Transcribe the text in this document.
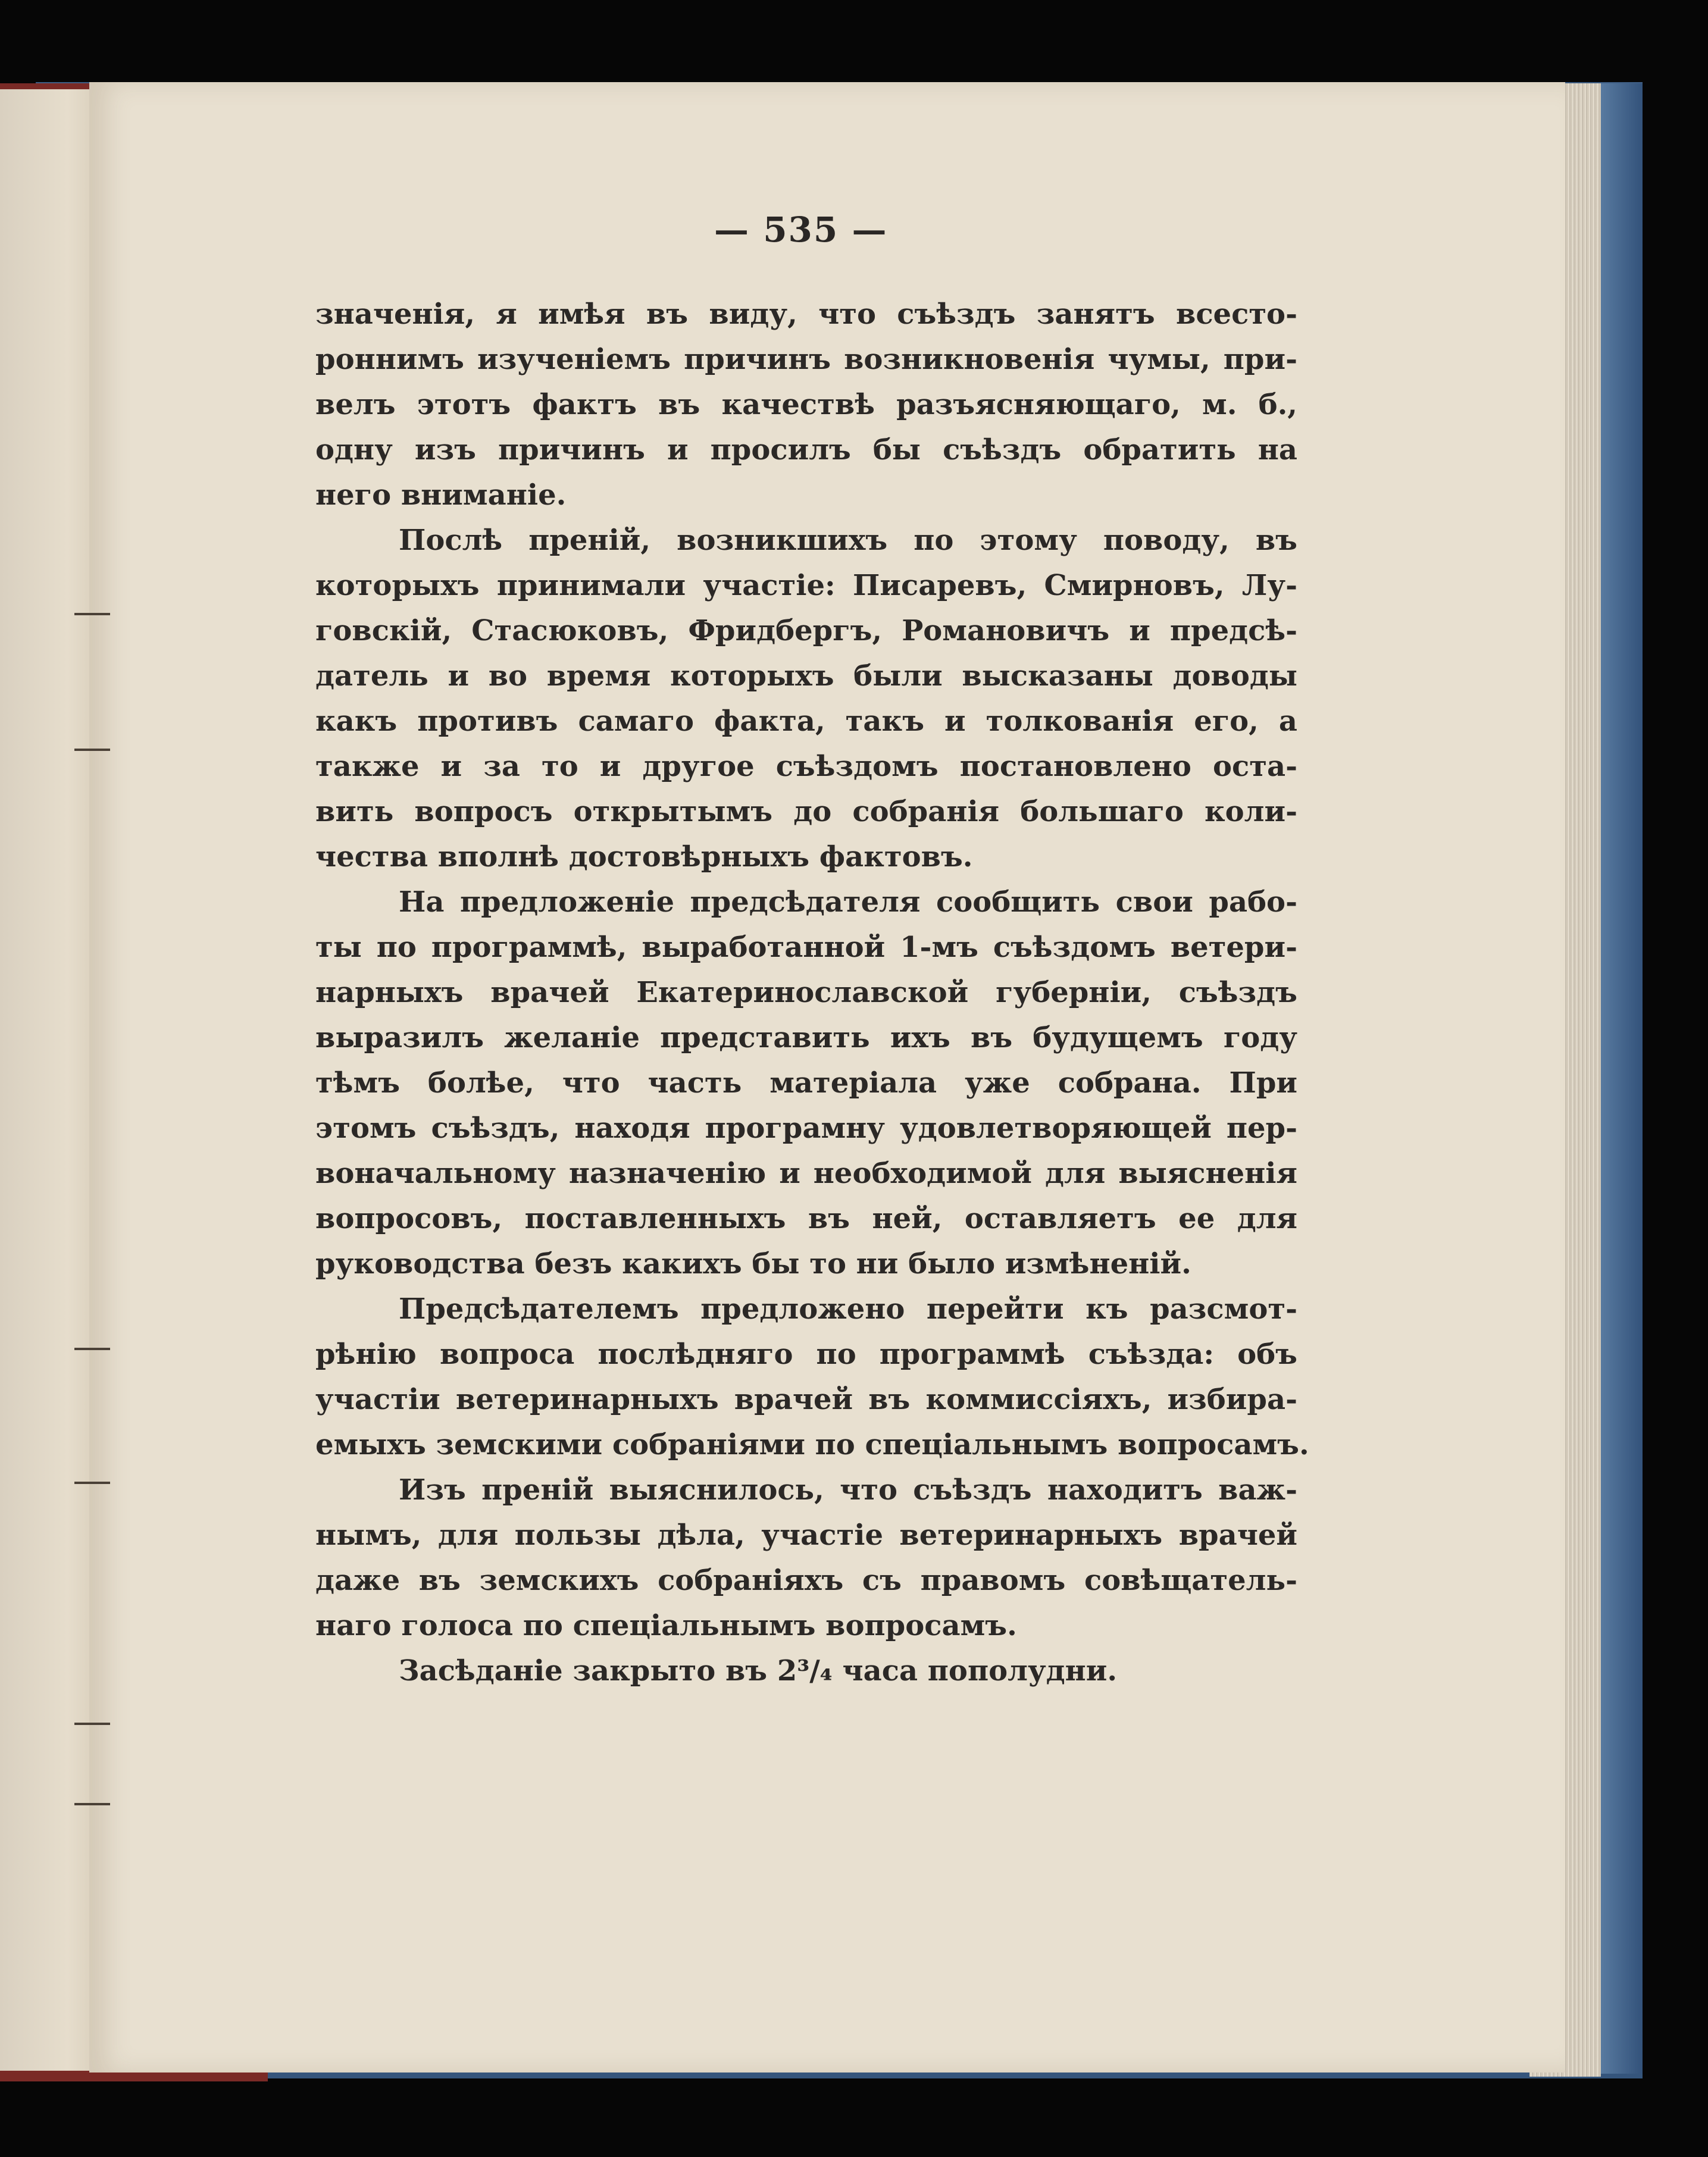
— 535 —
значенія, я имѣя въ виду, что съѣздъ занятъ всесто-
роннимъ изученіемъ причинъ возникновенія чумы, при-
велъ этотъ фактъ въ качествѣ разъясняющаго, м. б.,
одну изъ причинъ и просилъ бы съѣздъ обратить на
него вниманіе.
Послѣ преній, возникшихъ по этому поводу, въ
которыхъ принимали участіе: Писаревъ, Смирновъ, Лу-
говскій, Стасюковъ, Фридбергъ, Романовичъ и предсѣ-
датель и во время которыхъ были высказаны доводы
какъ противъ самаго факта, такъ и толкованія его, а
также и за то и другое съѣздомъ постановлено оста-
вить вопросъ открытымъ до собранія большаго коли-
чества вполнѣ достовѣрныхъ фактовъ.
На предложеніе предсѣдателя сообщить свои рабо-
ты по программѣ, выработанной 1-мъ съѣздомъ ветери-
нарныхъ врачей Екатеринославской губерніи, съѣздъ
выразилъ желаніе представить ихъ въ будущемъ году
тѣмъ болѣе, что часть матеріала уже собрана. При
этомъ съѣздъ, находя програмну удовлетворяющей пер-
воначальному назначенію и необходимой для выясненія
вопросовъ, поставленныхъ въ ней, оставляетъ ее для
руководства безъ какихъ бы то ни было измѣненій.
Предсѣдателемъ предложено перейти къ разсмот-
рѣнію вопроса послѣдняго по программѣ съѣзда: объ
участіи ветеринарныхъ врачей въ коммиссіяхъ, избира-
емыхъ земскими собраніями по спеціальнымъ вопросамъ.
Изъ преній выяснилось, что съѣздъ находитъ важ-
нымъ, для пользы дѣла, участіе ветеринарныхъ врачей
даже въ земскихъ собраніяхъ съ правомъ совѣщатель-
наго голоса по спеціальнымъ вопросамъ.
Засѣданіе закрыто въ 2³/₄ часа пополудни.
